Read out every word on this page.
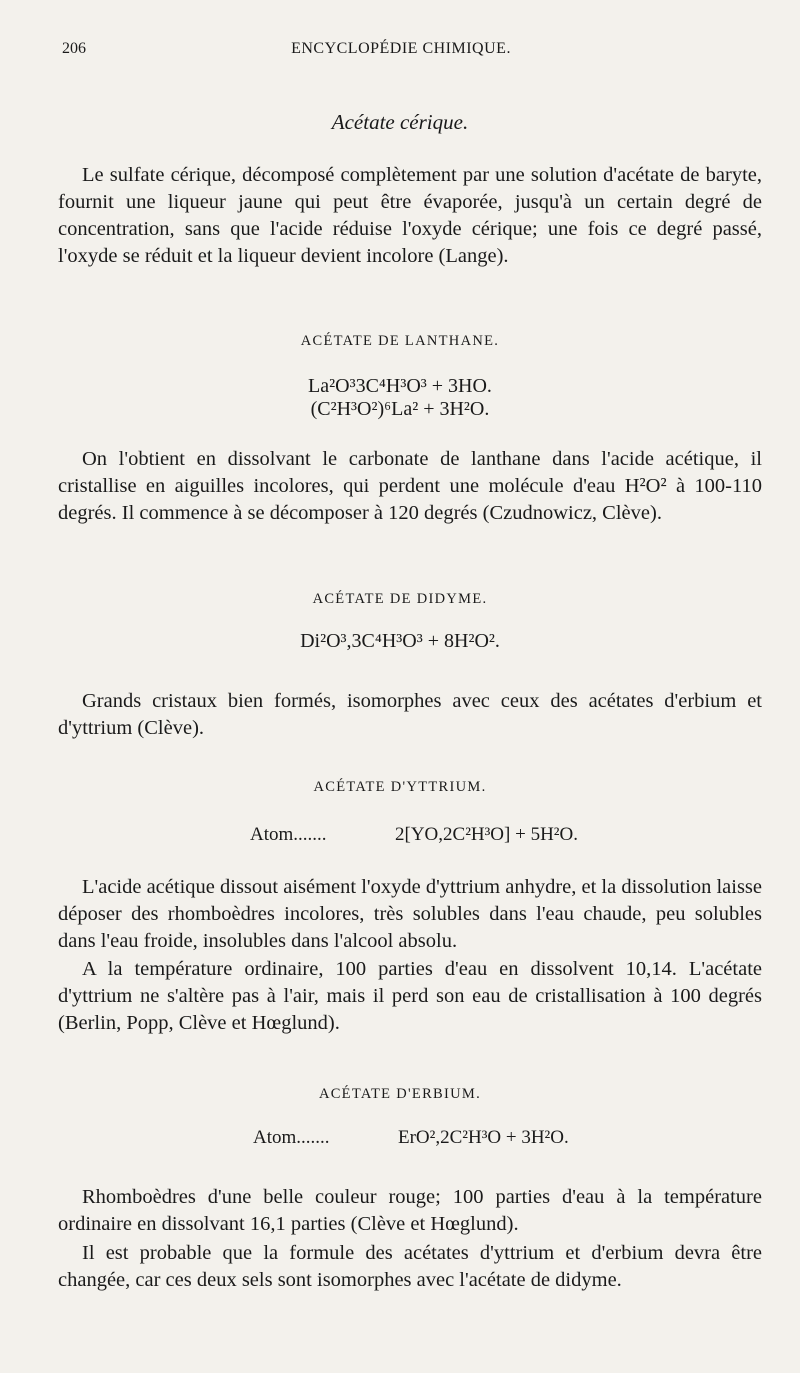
206	ENCYCLOPÉDIE CHIMIQUE.
Acétate cérique.
Le sulfate cérique, décomposé complètement par une solution d'acétate de baryte, fournit une liqueur jaune qui peut être évaporée, jusqu'à un certain degré de concentration, sans que l'acide réduise l'oxyde cérique; une fois ce degré passé, l'oxyde se réduit et la liqueur devient incolore (Lange).
ACÉTATE DE LANTHANE.
La²O³3C⁴H³O³ + 3HO.
(C²H³O²)⁶La² + 3H²O.
On l'obtient en dissolvant le carbonate de lanthane dans l'acide acétique, il cristallise en aiguilles incolores, qui perdent une molécule d'eau H²O² à 100-110 degrés. Il commence à se décomposer à 120 degrés (Czudnowicz, Clève).
ACÉTATE DE DIDYME.
Di²O³,3C⁴H³O³ + 8H²O².
Grands cristaux bien formés, isomorphes avec ceux des acétates d'erbium et d'yttrium (Clève).
ACÉTATE D'YTTRIUM.
Atom.......	2[YO,2C²H³O] + 5H²O.
L'acide acétique dissout aisément l'oxyde d'yttrium anhydre, et la dissolution laisse déposer des rhomboèdres incolores, très solubles dans l'eau chaude, peu solubles dans l'eau froide, insolubles dans l'alcool absolu.
A la température ordinaire, 100 parties d'eau en dissolvent 10,14. L'acétate d'yttrium ne s'altère pas à l'air, mais il perd son eau de cristallisation à 100 degrés (Berlin, Popp, Clève et Hœglund).
ACÉTATE D'ERBIUM.
Atom.......	ErO²,2C²H³O + 3H²O.
Rhomboèdres d'une belle couleur rouge; 100 parties d'eau à la température ordinaire en dissolvant 16,1 parties (Clève et Hœglund).
Il est probable que la formule des acétates d'yttrium et d'erbium devra être changée, car ces deux sels sont isomorphes avec l'acétate de didyme.
